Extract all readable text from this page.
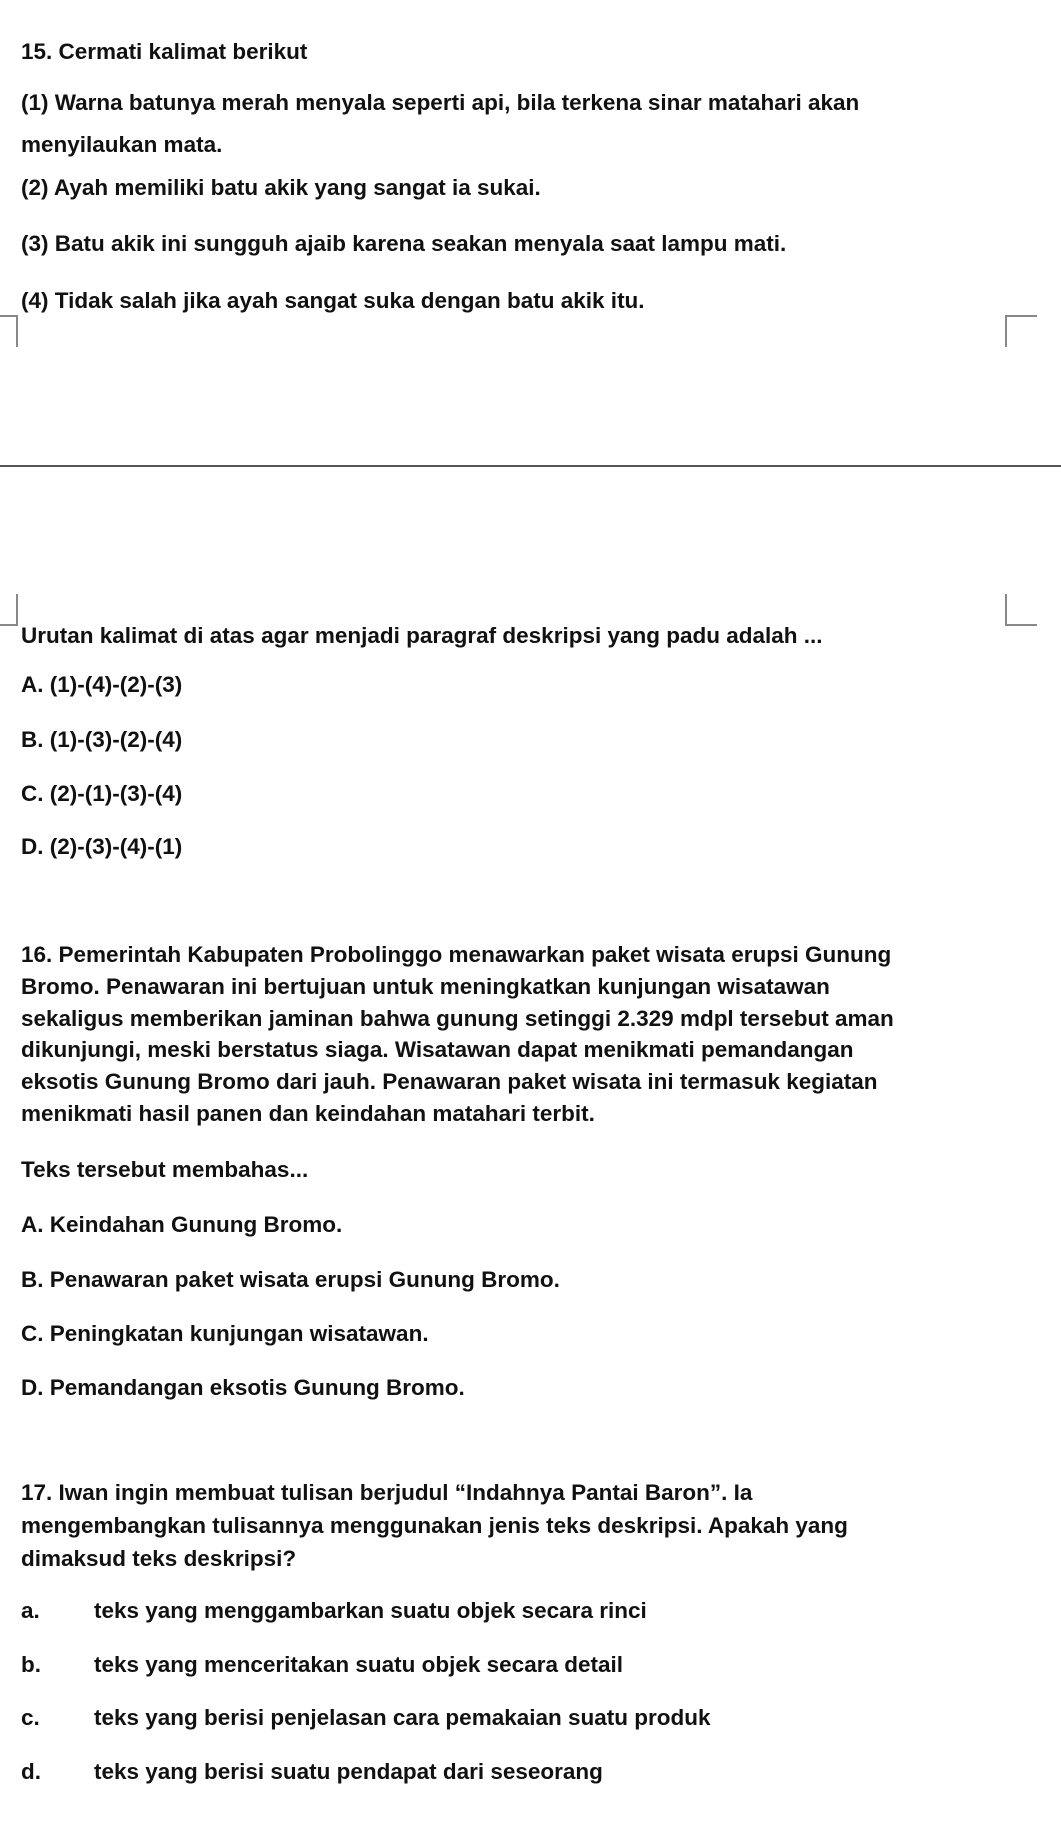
15. Cermati kalimat berikut
(1) Warna batunya merah menyala seperti api, bila terkena sinar matahari akan
menyilaukan mata.
(2) Ayah memiliki batu akik yang sangat ia sukai.
(3) Batu akik ini sungguh ajaib karena seakan menyala saat lampu mati.
(4) Tidak salah jika ayah sangat suka dengan batu akik itu.
Urutan kalimat di atas agar menjadi paragraf deskripsi yang padu adalah ...
A. (1)-(4)-(2)-(3)
B. (1)-(3)-(2)-(4)
C. (2)-(1)-(3)-(4)
D. (2)-(3)-(4)-(1)
16. Pemerintah Kabupaten Probolinggo menawarkan paket wisata erupsi Gunung
Bromo. Penawaran ini bertujuan untuk meningkatkan kunjungan wisatawan
sekaligus memberikan jaminan bahwa gunung setinggi 2.329 mdpl tersebut aman
dikunjungi, meski berstatus siaga. Wisatawan dapat menikmati pemandangan
eksotis Gunung Bromo dari jauh. Penawaran paket wisata ini termasuk kegiatan
menikmati hasil panen dan keindahan matahari terbit.
Teks tersebut membahas...
A. Keindahan Gunung Bromo.
B. Penawaran paket wisata erupsi Gunung Bromo.
C. Peningkatan kunjungan wisatawan.
D. Pemandangan eksotis Gunung Bromo.
17. Iwan ingin membuat tulisan berjudul “Indahnya Pantai Baron”. Ia
mengembangkan tulisannya menggunakan jenis teks deskripsi. Apakah yang
dimaksud teks deskripsi?
a. teks yang menggambarkan suatu objek secara rinci
b. teks yang menceritakan suatu objek secara detail
c. teks yang berisi penjelasan cara pemakaian suatu produk
d. teks yang berisi suatu pendapat dari seseorang
